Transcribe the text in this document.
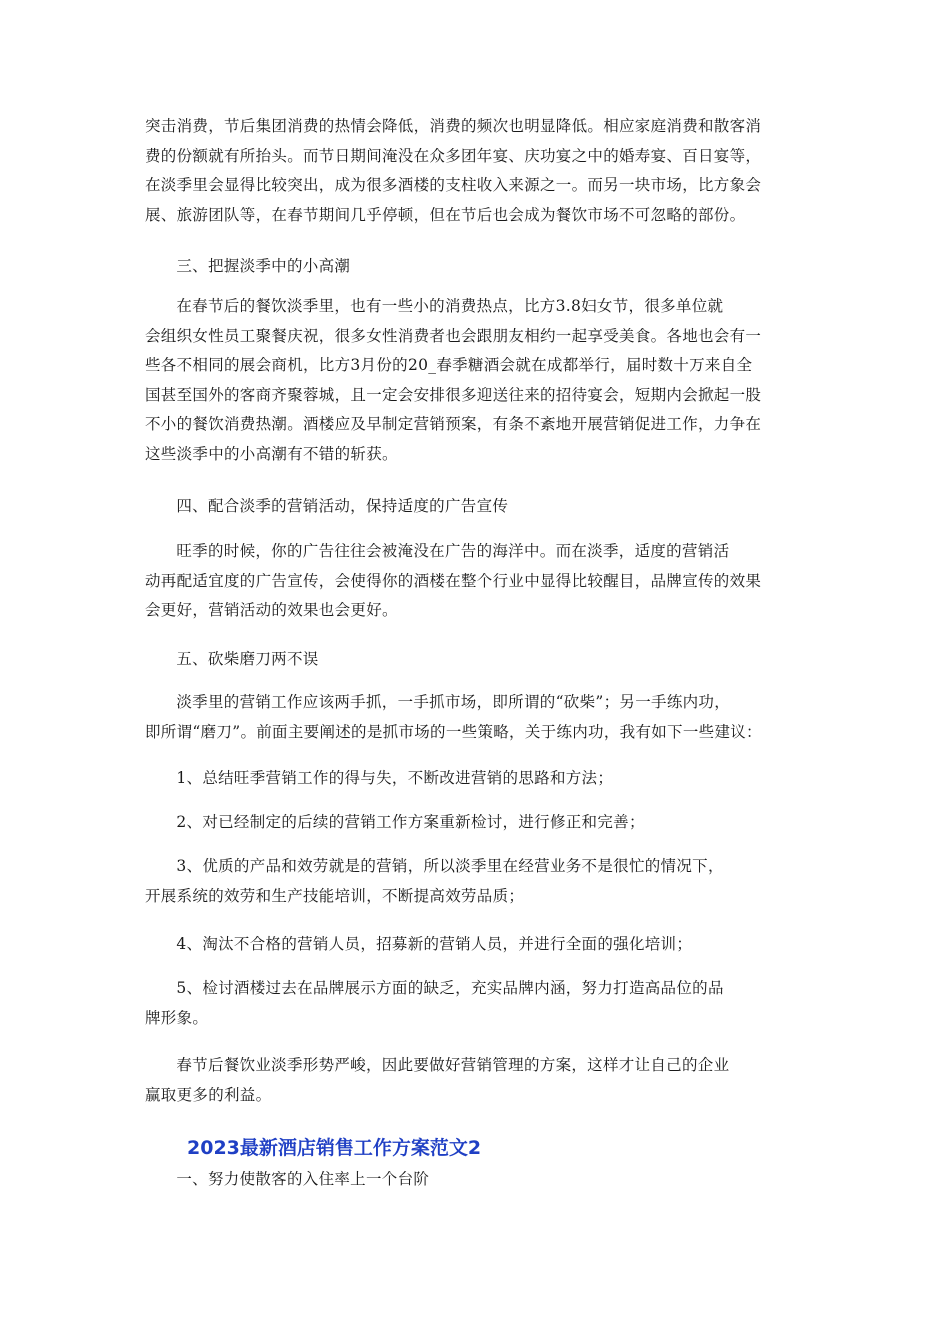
突击消费，节后集团消费的热情会降低，消费的频次也明显降低。相应家庭消费和散客消
费的份额就有所抬头。而节日期间淹没在众多团年宴、庆功宴之中的婚寿宴、百日宴等，
在淡季里会显得比较突出，成为很多酒楼的支柱收入来源之一。而另一块市场，比方象会
展、旅游团队等，在春节期间几乎停顿，但在节后也会成为餐饮市场不可忽略的部份。
三、把握淡季中的小高潮
在春节后的餐饮淡季里，也有一些小的消费热点，比方3.8妇女节，很多单位就
会组织女性员工聚餐庆祝，很多女性消费者也会跟朋友相约一起享受美食。各地也会有一
些各不相同的展会商机，比方3月份的20_春季糖酒会就在成都举行，届时数十万来自全
国甚至国外的客商齐聚蓉城，且一定会安排很多迎送往来的招待宴会，短期内会掀起一股
不小的餐饮消费热潮。酒楼应及早制定营销预案，有条不紊地开展营销促进工作，力争在
这些淡季中的小高潮有不错的斩获。
四、配合淡季的营销活动，保持适度的广告宣传
旺季的时候，你的广告往往会被淹没在广告的海洋中。而在淡季，适度的营销活
动再配适宜度的广告宣传，会使得你的酒楼在整个行业中显得比较醒目，品牌宣传的效果
会更好，营销活动的效果也会更好。
五、砍柴磨刀两不误
淡季里的营销工作应该两手抓，一手抓市场，即所谓的“砍柴”；另一手练内功，
即所谓“磨刀”。前面主要阐述的是抓市场的一些策略，关于练内功，我有如下一些建议：
1、总结旺季营销工作的得与失，不断改进营销的思路和方法；
2、对已经制定的后续的营销工作方案重新检讨，进行修正和完善；
3、优质的产品和效劳就是的营销，所以淡季里在经营业务不是很忙的情况下，
开展系统的效劳和生产技能培训，不断提高效劳品质；
4、淘汰不合格的营销人员，招募新的营销人员，并进行全面的强化培训；
5、检讨酒楼过去在品牌展示方面的缺乏，充实品牌内涵，努力打造高品位的品
牌形象。
春节后餐饮业淡季形势严峻，因此要做好营销管理的方案，这样才让自己的企业
赢取更多的利益。
2023最新酒店销售工作方案范文2
一、努力使散客的入住率上一个台阶
